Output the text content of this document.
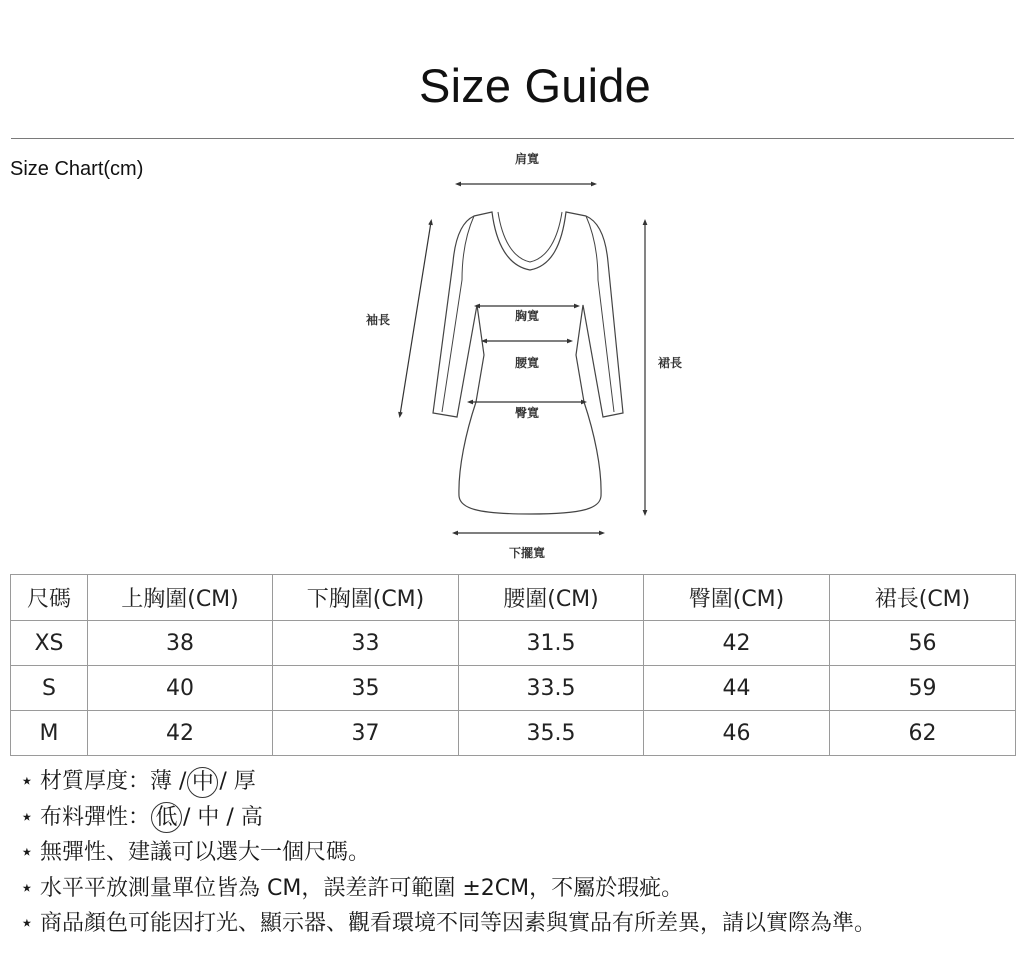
Size Guide
Size Chart(cm)	肩寬
袖長	胸寬
腰寬
臀寬
裙長
下擺寬
尺碼	上胸圍(CM)	下胸圍(CM)	腰圍(CM)	臀圍(CM)	裙長(CM)
XS	38	33	31.5	42	56
S	40	35	33.5	44	59
M	42	37	35.5	46	62
⋆ 材質厚度：薄 / 中 / 厚
⋆ 布料彈性： 低 / 中 / 高
⋆ 無彈性、建議可以選大一個尺碼。
⋆ 水平平放測量單位皆為 CM，誤差許可範圍 ±2CM，不屬於瑕疵。
⋆ 商品顏色可能因打光、顯示器、觀看環境不同等因素與實品有所差異，請以實際為準。
